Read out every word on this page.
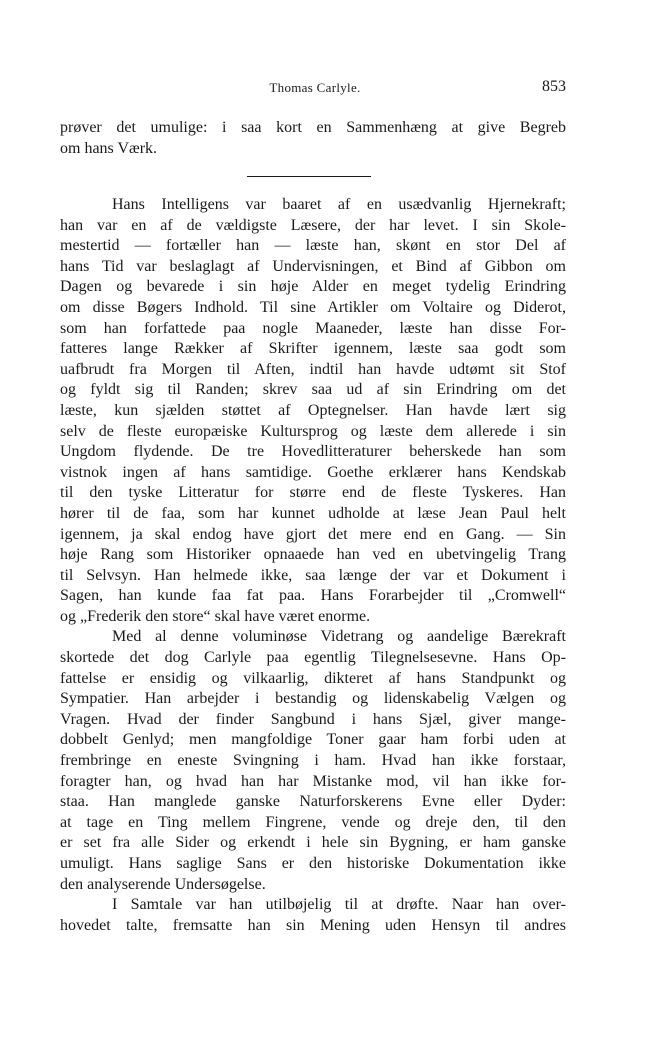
Thomas Carlyle.	853
prøver det umulige: i saa kort en Sammenhæng at give Begreb
om hans Værk.
Hans Intelligens var baaret af en usædvanlig Hjernekraft;
han var en af de vældigste Læsere, der har levet. I sin Skole-
mestertid — fortæller han — læste han, skønt en stor Del af
hans Tid var beslaglagt af Undervisningen, et Bind af Gibbon om
Dagen og bevarede i sin høje Alder en meget tydelig Erindring
om disse Bøgers Indhold. Til sine Artikler om Voltaire og Diderot,
som han forfattede paa nogle Maaneder, læste han disse For-
fatteres lange Rækker af Skrifter igennem, læste saa godt som
uafbrudt fra Morgen til Aften, indtil han havde udtømt sit Stof
og fyldt sig til Randen; skrev saa ud af sin Erindring om det
læste, kun sjælden støttet af Optegnelser. Han havde lært sig
selv de fleste europæiske Kultursprog og læste dem allerede i sin
Ungdom flydende. De tre Hovedlitteraturer beherskede han som
vistnok ingen af hans samtidige. Goethe erklærer hans Kendskab
til den tyske Litteratur for større end de fleste Tyskeres. Han
hører til de faa, som har kunnet udholde at læse Jean Paul helt
igennem, ja skal endog have gjort det mere end en Gang. — Sin
høje Rang som Historiker opnaaede han ved en ubetvingelig Trang
til Selvsyn. Han helmede ikke, saa længe der var et Dokument i
Sagen, han kunde faa fat paa. Hans Forarbejder til „Cromwell“
og „Frederik den store“ skal have været enorme.
Med al denne voluminøse Videtrang og aandelige Bærekraft
skortede det dog Carlyle paa egentlig Tilegnelsesevne. Hans Op-
fattelse er ensidig og vilkaarlig, dikteret af hans Standpunkt og
Sympatier. Han arbejder i bestandig og lidenskabelig Vælgen og
Vragen. Hvad der finder Sangbund i hans Sjæl, giver mange-
dobbelt Genlyd; men mangfoldige Toner gaar ham forbi uden at
frembringe en eneste Svingning i ham. Hvad han ikke forstaar,
foragter han, og hvad han har Mistanke mod, vil han ikke for-
staa. Han manglede ganske Naturforskerens Evne eller Dyder:
at tage en Ting mellem Fingrene, vende og dreje den, til den
er set fra alle Sider og erkendt i hele sin Bygning, er ham ganske
umuligt. Hans saglige Sans er den historiske Dokumentation ikke
den analyserende Undersøgelse.
I Samtale var han utilbøjelig til at drøfte. Naar han over-
hovedet talte, fremsatte han sin Mening uden Hensyn til andres
